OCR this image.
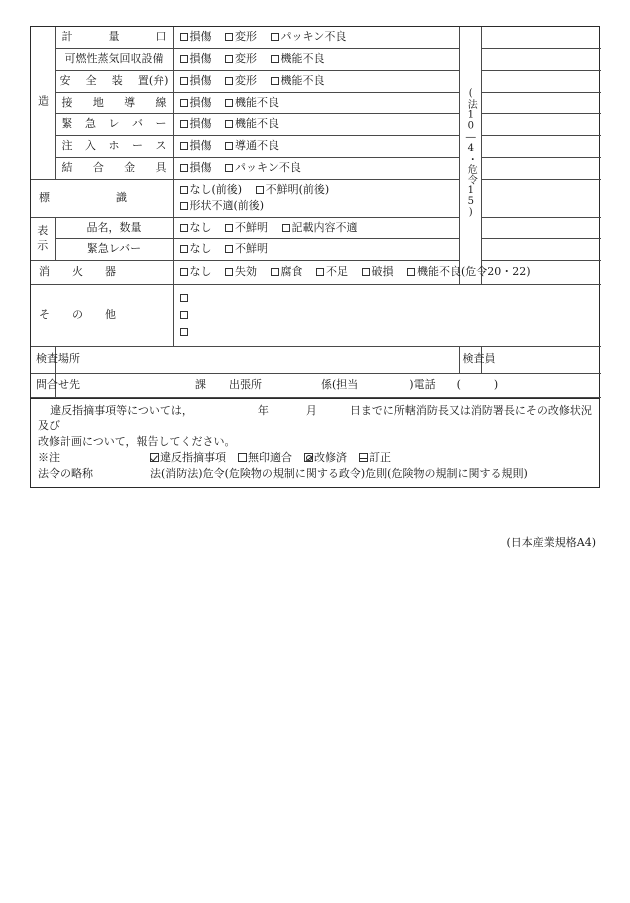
造	計 量 口	損傷 変形 パッキン不良	(法10―4・危令15)	

	可燃性蒸気回収設備	損傷 変形 機能不良		

	安 全 装 置(弁)	損傷 変形 機能不良		

	接 地 導 線	損傷 機能不良		

	緊 急 レ バ ー	損傷 機能不良		

	注 入 ホ ー ス	損傷 導通不良		

	結 合 金 具	損傷 パッキン不良		

標　　　　　　識		なし(前後) 不鮮明(前後)
形状不適(前後)		

表　　　示	品名，数量	なし 不鮮明 記載内容不適		

	緊急レバー	なし 不鮮明		

消　　火　　器		なし 失効 腐食 不足 破損 機能不良(危令20・22)		

そ　　の　　他				

検査場所			検査員	

問合せ先	課 出張所 係(担当 )電話 ( )			
違反指摘事項等については，	年	月	日までに所轄消防長又は消防署長にその改修状況及び
改修計画について，報告してください。
※注	違反指摘事項	無印適合	改修済	訂正
法令の略称	法(消防法)危令(危険物の規制に関する政令)危則(危険物の規制に関する規則)
(日本産業規格A4)
